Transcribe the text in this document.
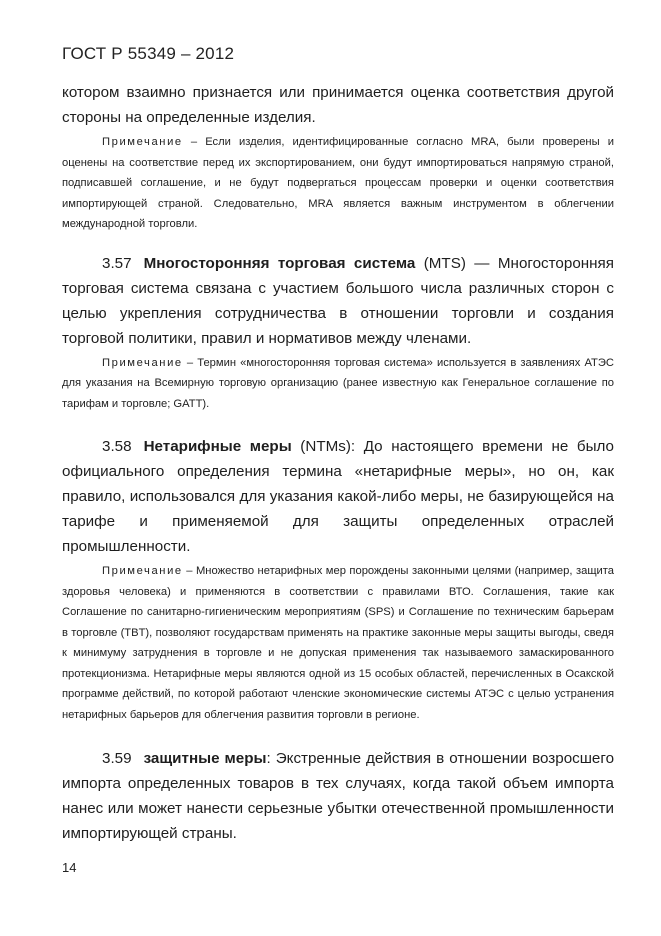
ГОСТ Р 55349 – 2012

котором взаимно признается или принимается оценка соответствия другой стороны на определенные изделия.

Примечание – Если изделия, идентифицированные согласно MRA, были проверены и оценены на соответствие перед их экспортированием, они будут импортироваться напрямую страной, подписавшей соглашение, и не будут подвергаться процессам проверки и оценки соответствия импортирующей страной. Следовательно, MRA является важным инструментом в облегчении международной торговли.

3.57 Многосторонняя торговая система (MTS) — Многосторонняя торговая система связана с участием большого числа различных сторон с целью укрепления сотрудничества в отношении торговли и создания торговой политики, правил и нормативов между членами.

Примечание – Термин «многосторонняя торговая система» используется в заявлениях АТЭС для указания на Всемирную торговую организацию (ранее известную как Генеральное соглашение по тарифам и торговле; GATT).

3.58 Нетарифные меры (NTMs): До настоящего времени не было официального определения термина «нетарифные меры», но он, как правило, использовался для указания какой-либо меры, не базирующейся на тарифе и применяемой для защиты определенных отраслей промышленности.

Примечание – Множество нетарифных мер порождены законными целями (например, защита здоровья человека) и применяются в соответствии с правилами ВТО. Соглашения, такие как Соглашение по санитарно-гигиеническим мероприятиям (SPS) и Соглашение по техническим барьерам в торговле (TBT), позволяют государствам применять на практике законные меры защиты выгоды, сведя к минимуму затруднения в торговле и не допуская применения так называемого замаскированного протекционизма. Нетарифные меры являются одной из 15 особых областей, перечисленных в Осакской программе действий, по которой работают членские экономические системы АТЭС с целью устранения нетарифных барьеров для облегчения развития торговли в регионе.

3.59 защитные меры: Экстренные действия в отношении возросшего импорта определенных товаров в тех случаях, когда такой объем импорта нанес или может нанести серьезные убытки отечественной промышленности импортирующей страны.

14
